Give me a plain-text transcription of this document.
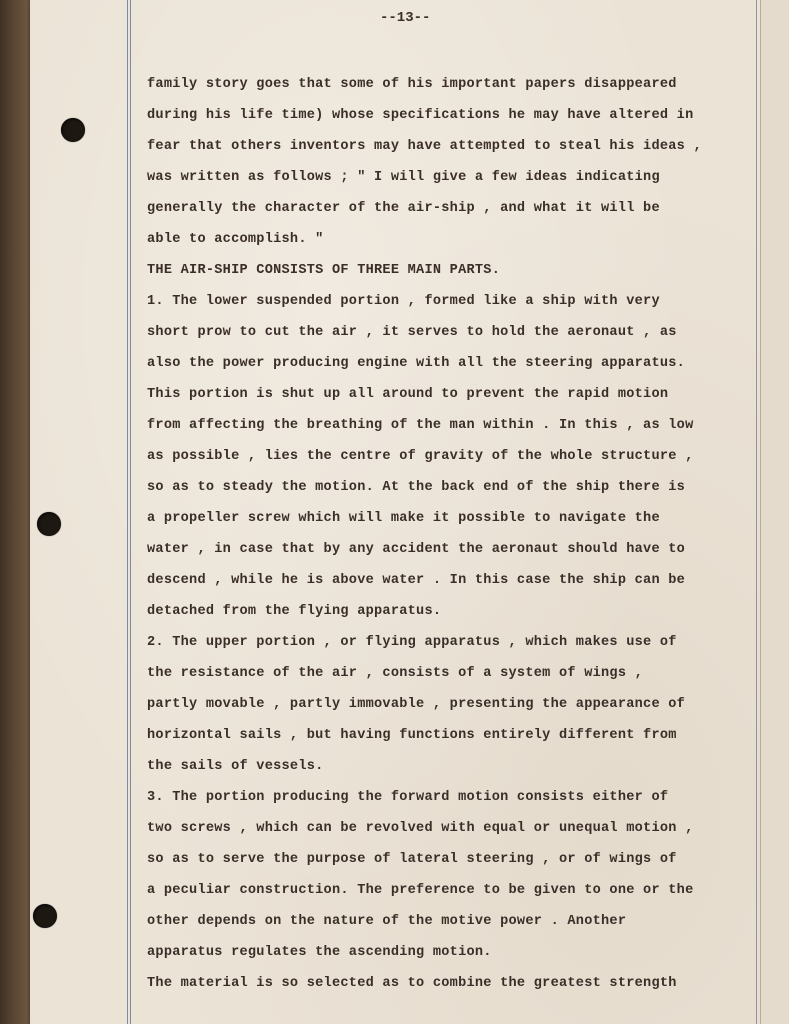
--13--
family story goes that some of his important papers disappeared
during his life time) whose specifications he may have altered in
fear that others inventors may have attempted to steal his ideas ,
was written as follows ; " I will give a few ideas indicating
generally the character of the air-ship , and what it will be
able to accomplish. "
THE AIR-SHIP CONSISTS OF THREE MAIN PARTS.
1. The lower suspended portion , formed like a ship with very
short prow to cut the air , it serves to hold the aeronaut , as
also the power producing engine with all the steering apparatus.
This portion is shut up all around to prevent the rapid motion
from affecting the breathing of the man within . In this , as low
as possible , lies the centre of gravity of the whole structure ,
so as to steady the motion. At the back end of the ship there is
a propeller screw which will make it possible to navigate the
water , in case that by any accident the aeronaut should have to
descend , while he is above water . In this case the ship can be
detached from the flying apparatus.
2. The upper portion , or flying apparatus , which makes use of
the resistance of the air , consists of a system of wings ,
partly movable , partly immovable , presenting the appearance of
horizontal sails , but having functions entirely different from
the sails of vessels.
3. The portion producing the forward motion consists either of
two screws , which can be revolved with equal or unequal motion ,
so as to serve the purpose of lateral steering , or of wings of
a peculiar construction. The preference to be given to one or the
other depends on the nature of the motive power . Another
apparatus regulates the ascending motion.
The material is so selected as to combine the greatest strength
